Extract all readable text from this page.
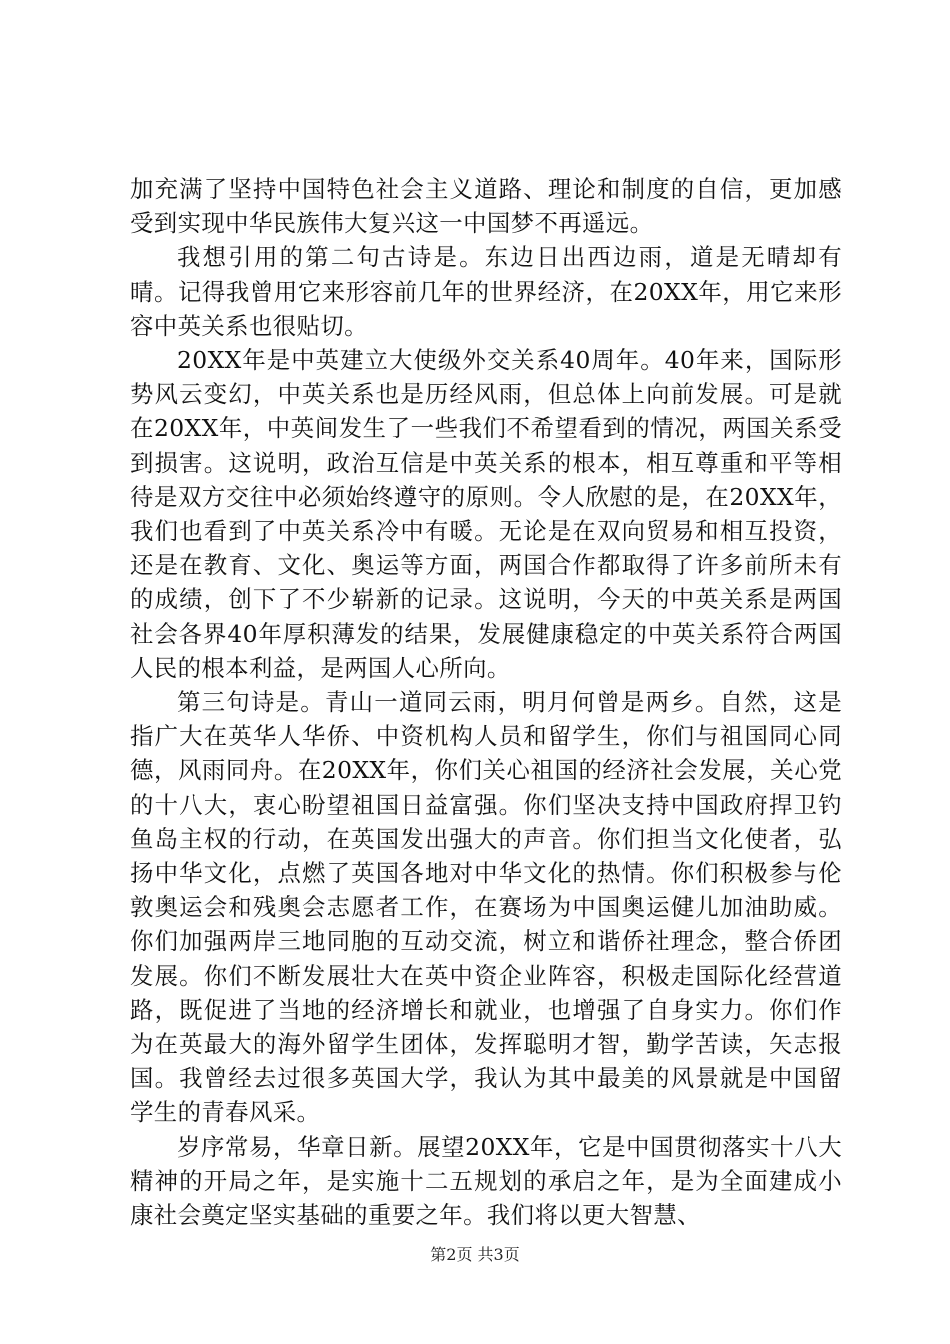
加充满了坚持中国特色社会主义道路、理论和制度的自信，更加感受到实现中华民族伟大复兴这一中国梦不再遥远。

我想引用的第二句古诗是。东边日出西边雨，道是无晴却有晴。记得我曾用它来形容前几年的世界经济，在20XX年，用它来形容中英关系也很贴切。

20XX年是中英建立大使级外交关系40周年。40年来，国际形势风云变幻，中英关系也是历经风雨，但总体上向前发展。可是就在20XX年，中英间发生了一些我们不希望看到的情况，两国关系受到损害。这说明，政治互信是中英关系的根本，相互尊重和平等相待是双方交往中必须始终遵守的原则。令人欣慰的是，在20XX年，我们也看到了中英关系冷中有暖。无论是在双向贸易和相互投资，还是在教育、文化、奥运等方面，两国合作都取得了许多前所未有的成绩，创下了不少崭新的记录。这说明，今天的中英关系是两国社会各界40年厚积薄发的结果，发展健康稳定的中英关系符合两国人民的根本利益，是两国人心所向。

第三句诗是。青山一道同云雨，明月何曾是两乡。自然，这是指广大在英华人华侨、中资机构人员和留学生，你们与祖国同心同德，风雨同舟。在20XX年，你们关心祖国的经济社会发展，关心党的十八大，衷心盼望祖国日益富强。你们坚决支持中国政府捍卫钓鱼岛主权的行动，在英国发出强大的声音。你们担当文化使者，弘扬中华文化，点燃了英国各地对中华文化的热情。你们积极参与伦敦奥运会和残奥会志愿者工作，在赛场为中国奥运健儿加油助威。你们加强两岸三地同胞的互动交流，树立和谐侨社理念，整合侨团发展。你们不断发展壮大在英中资企业阵容，积极走国际化经营道路，既促进了当地的经济增长和就业，也增强了自身实力。你们作为在英最大的海外留学生团体，发挥聪明才智，勤学苦读，矢志报国。我曾经去过很多英国大学，我认为其中最美的风景就是中国留学生的青春风采。

岁序常易，华章日新。展望20XX年，它是中国贯彻落实十八大精神的开局之年，是实施十二五规划的承启之年，是为全面建成小康社会奠定坚实基础的重要之年。我们将以更大智慧、

第2页 共3页
